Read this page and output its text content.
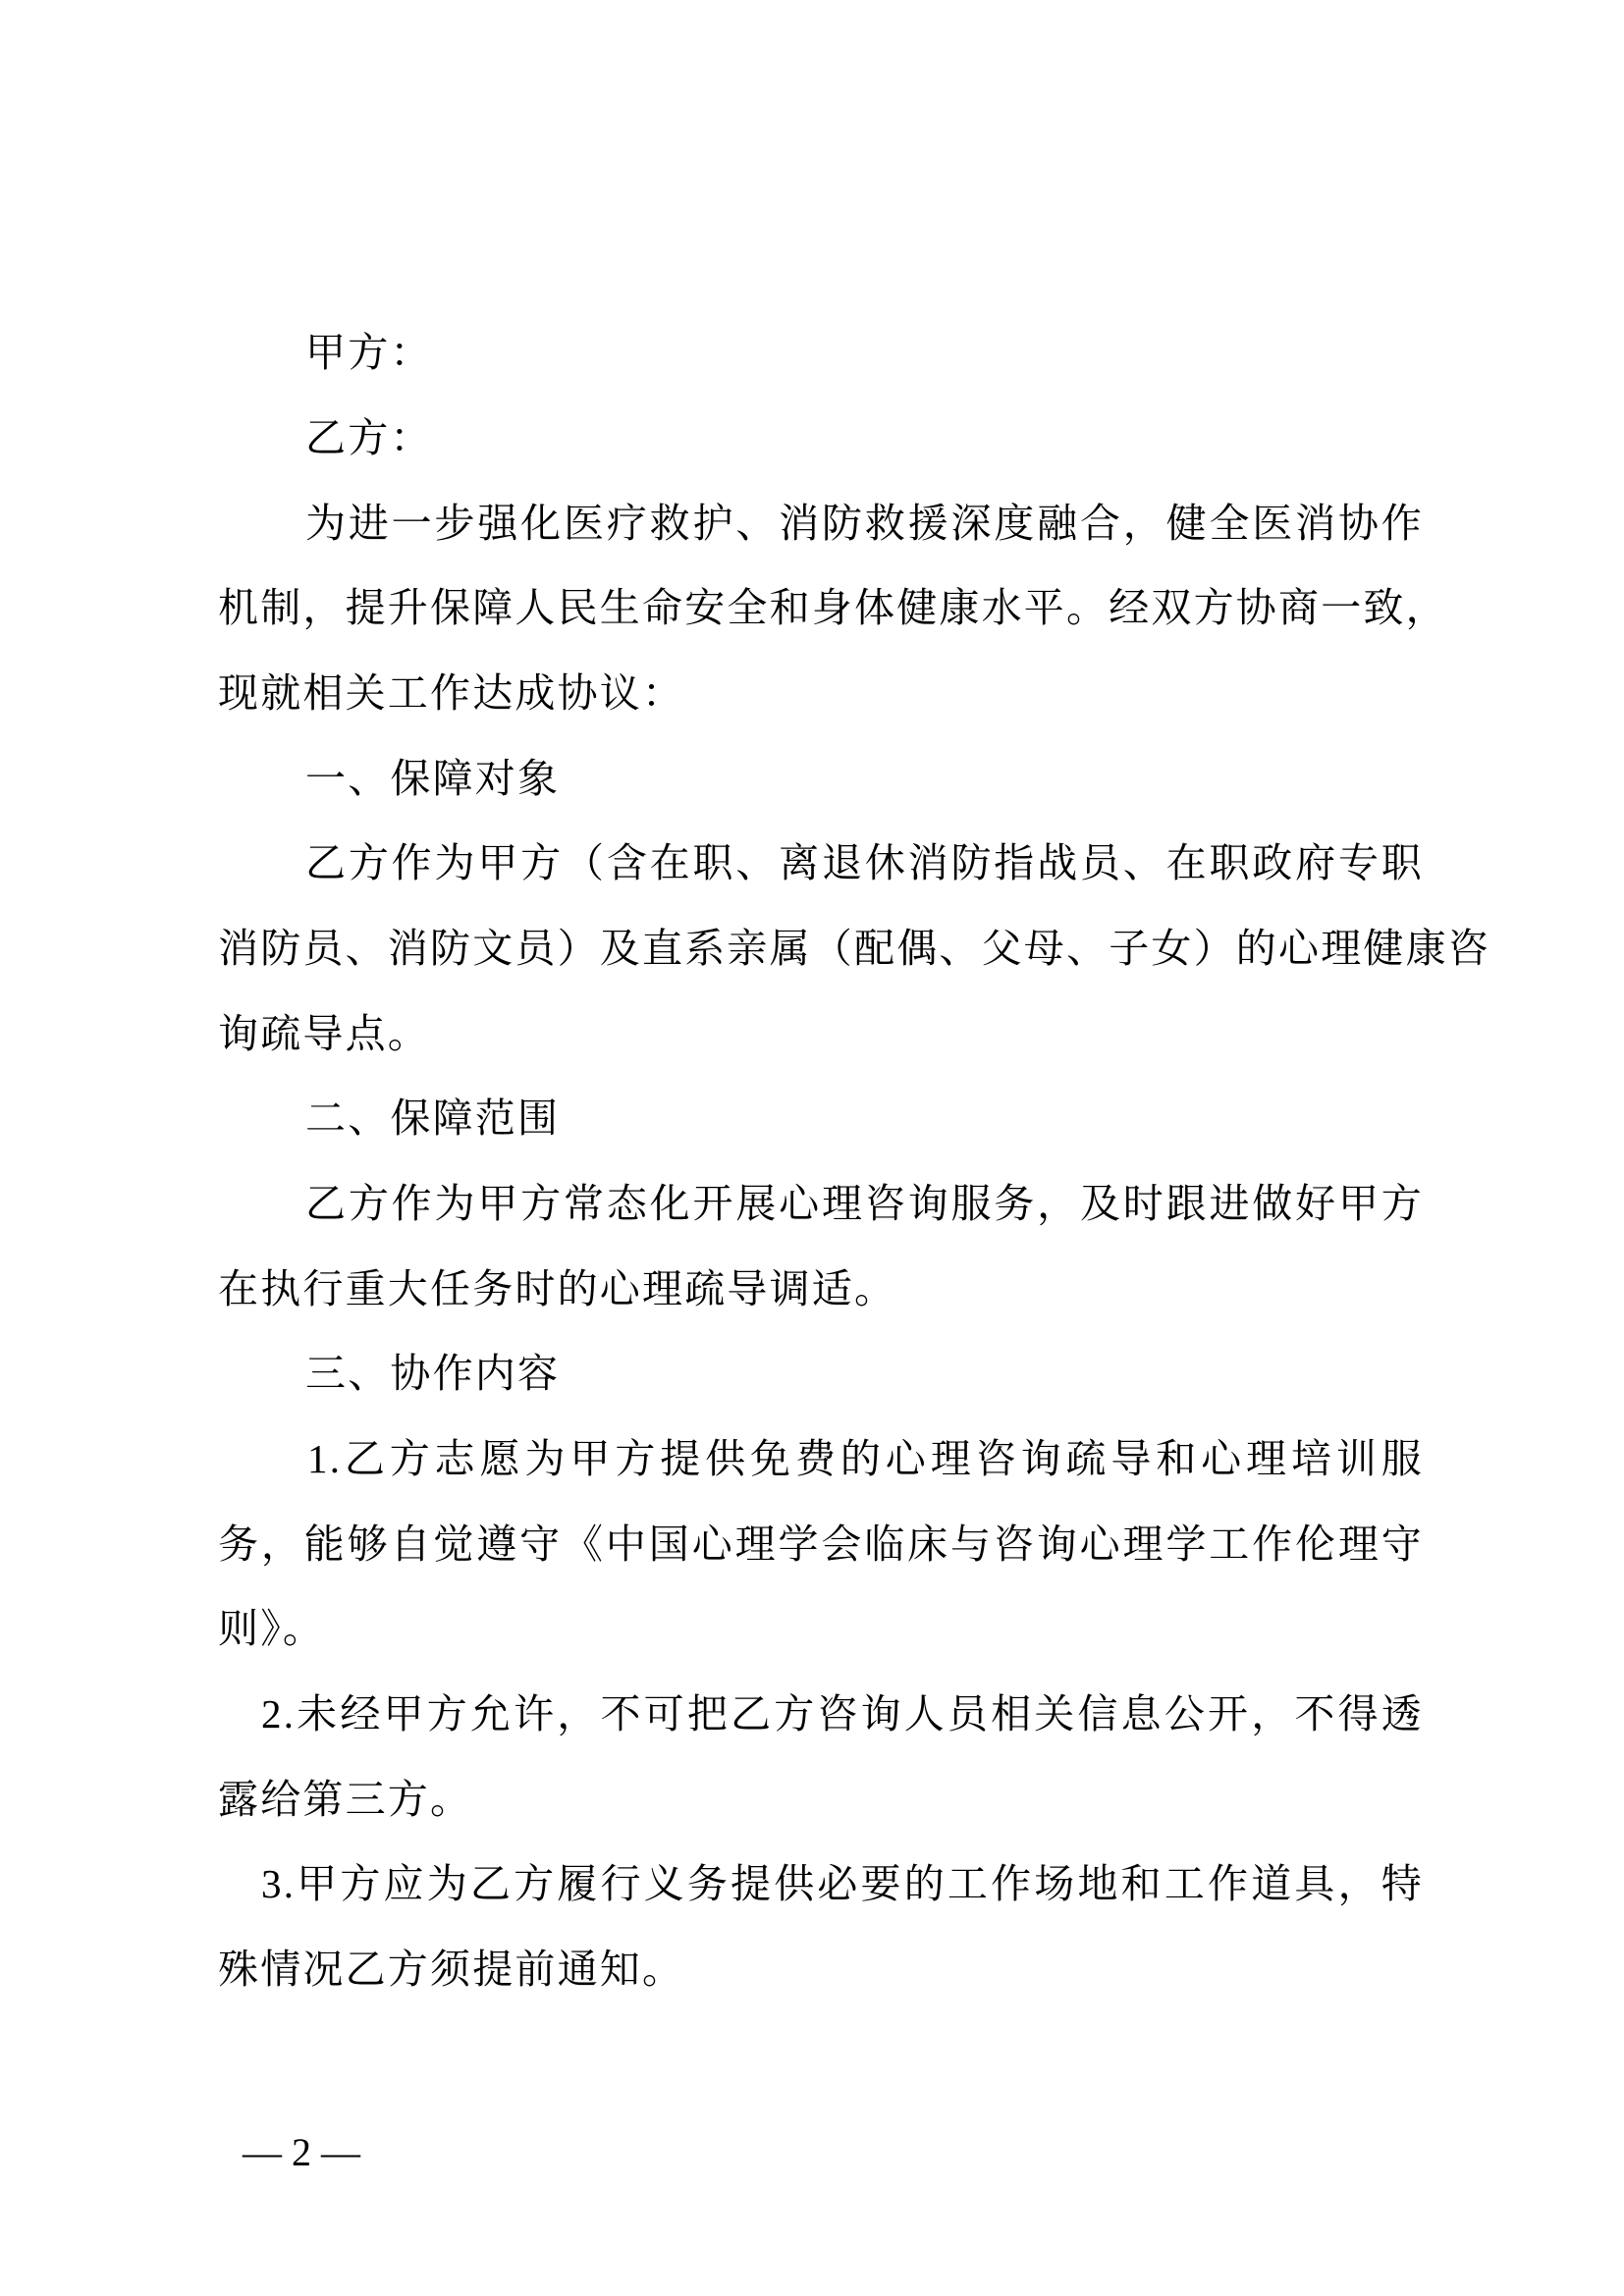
甲方：
乙方：
为进一步强化医疗救护、消防救援深度融合，健全医消协作
机制，提升保障人民生命安全和身体健康水平。经双方协商一致，
现就相关工作达成协议：
一、保障对象
乙方作为甲方（含在职、离退休消防指战员、在职政府专职
消防员、消防文员）及直系亲属（配偶、父母、子女）的心理健康咨
询疏导点。
二、保障范围
乙方作为甲方常态化开展心理咨询服务，及时跟进做好甲方
在执行重大任务时的心理疏导调适。
三、协作内容
1.乙方志愿为甲方提供免费的心理咨询疏导和心理培训服
务，能够自觉遵守《中国心理学会临床与咨询心理学工作伦理守
则》。
2.未经甲方允许，不可把乙方咨询人员相关信息公开，不得透
露给第三方。
3.甲方应为乙方履行义务提供必要的工作场地和工作道具，特
殊情况乙方须提前通知。
— 2 —
